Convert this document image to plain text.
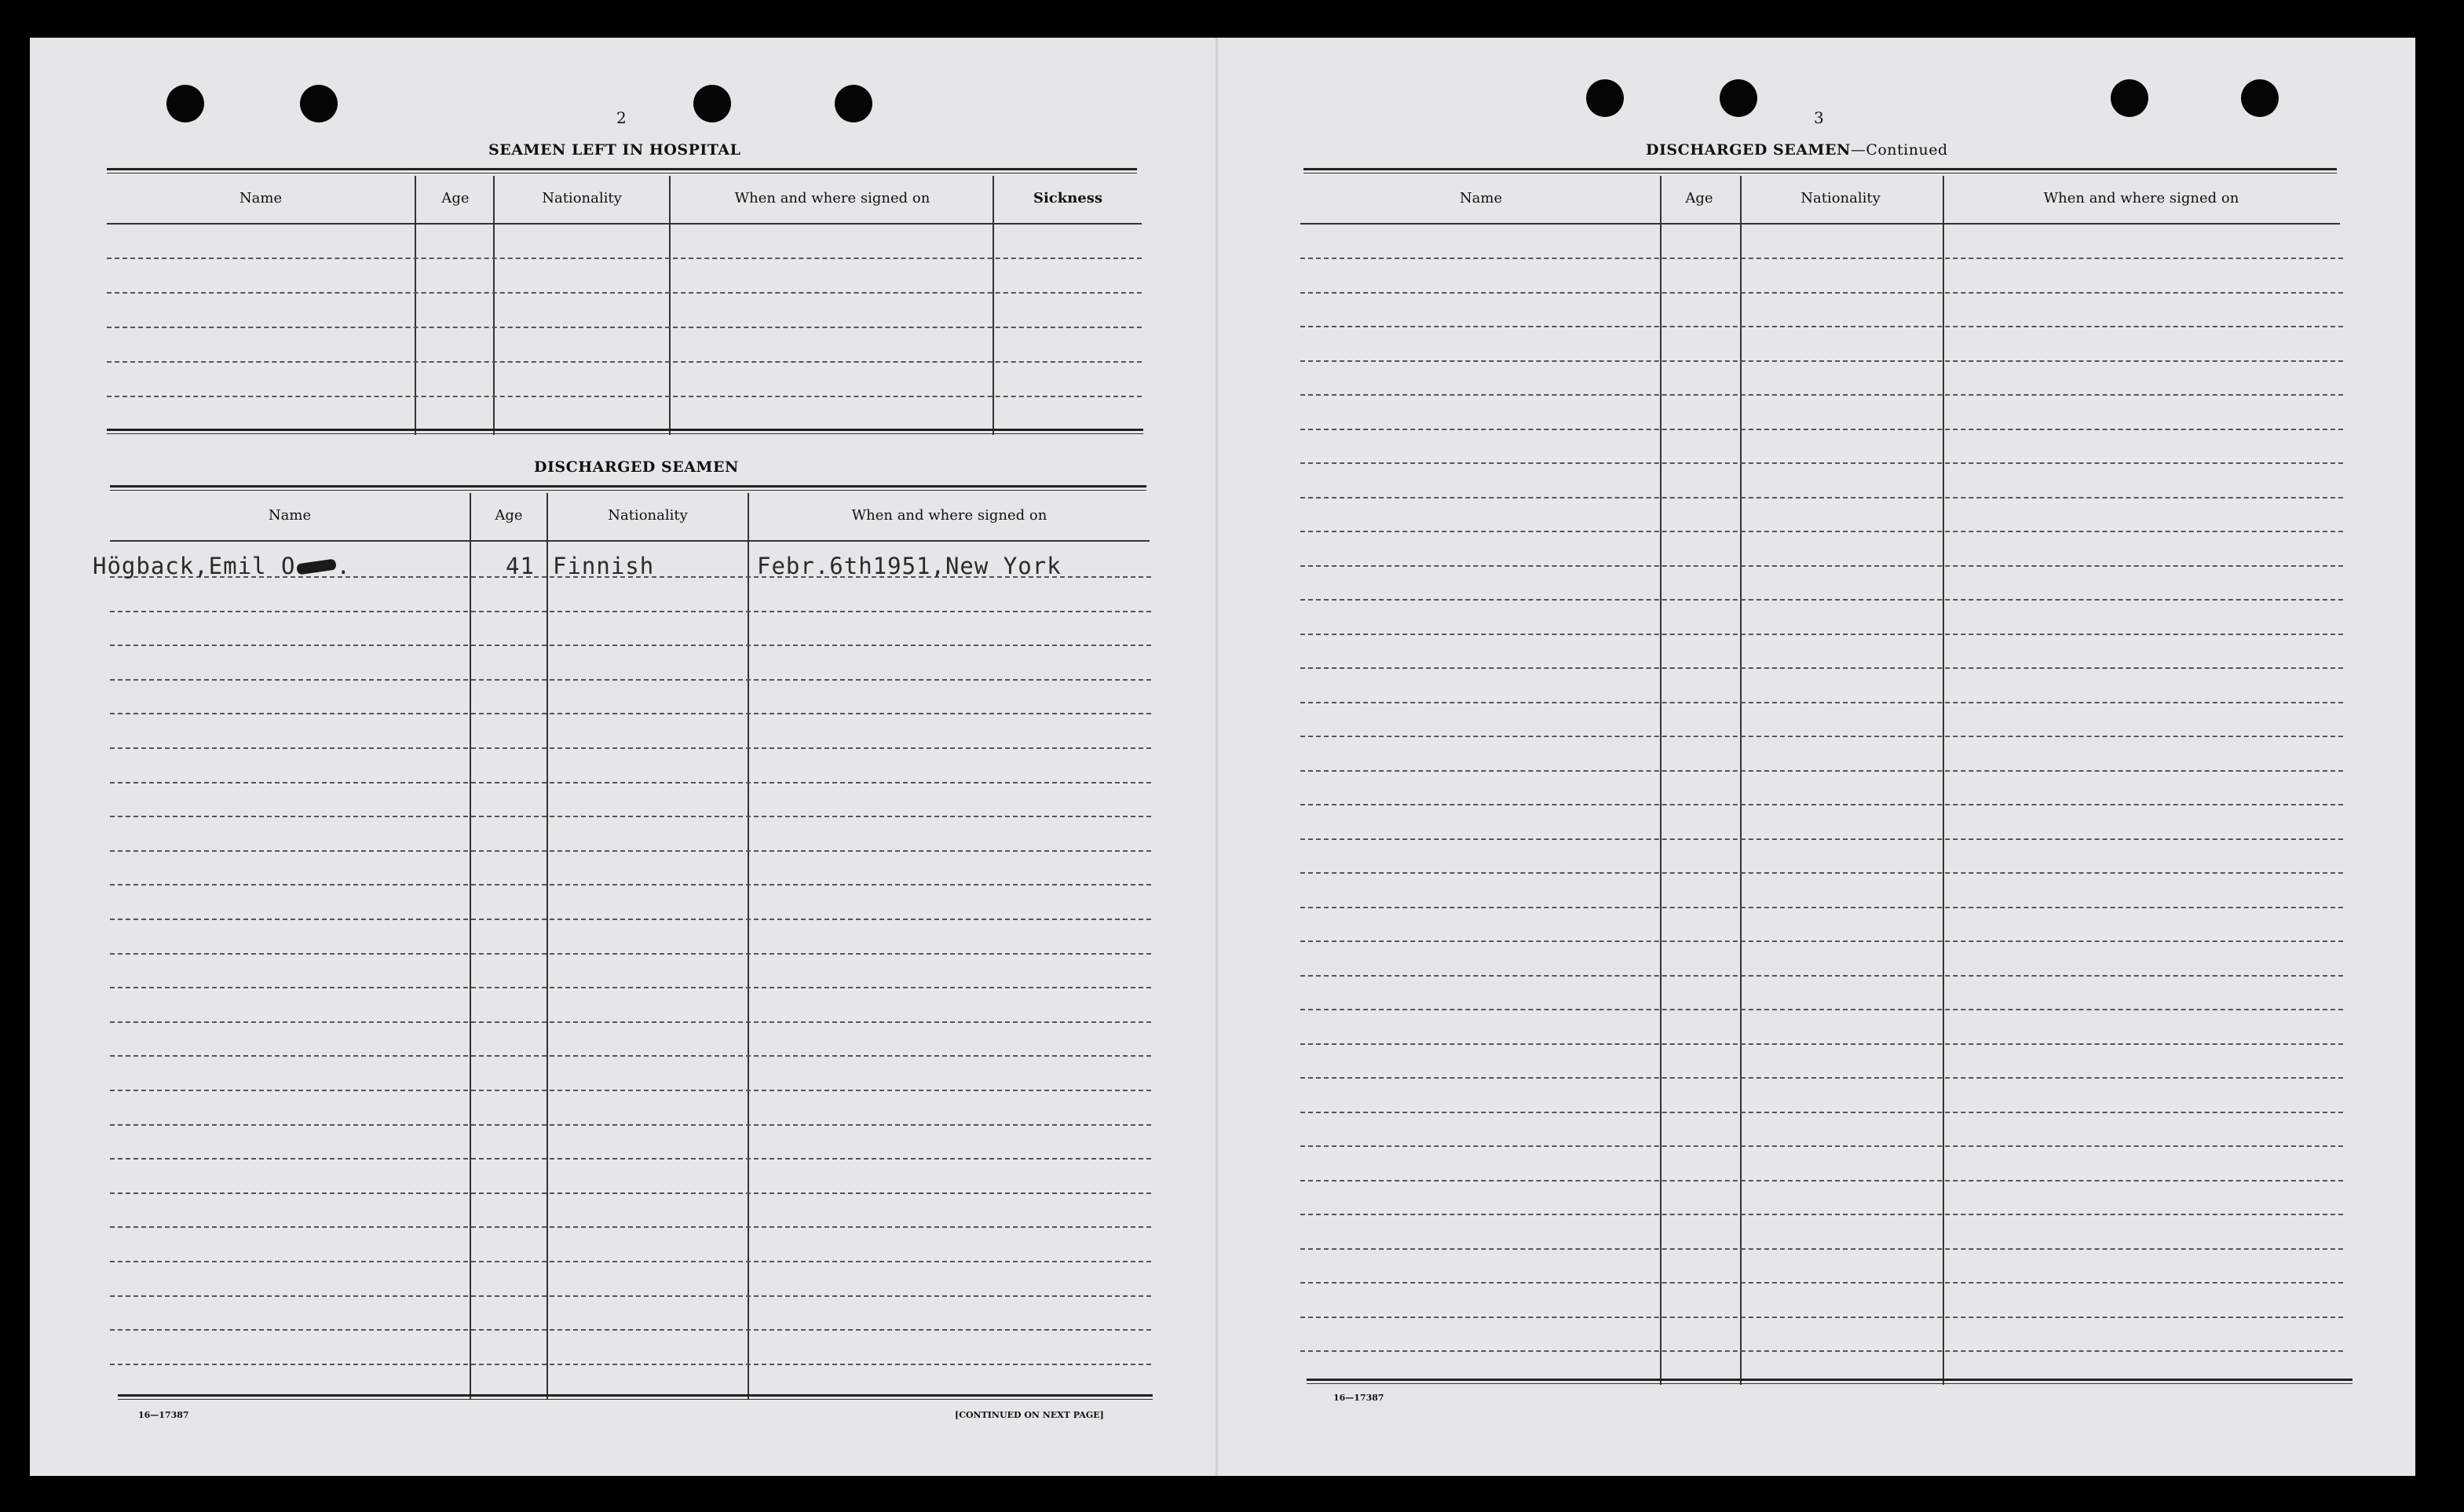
2
SEAMEN LEFT IN HOSPITAL
Name	Age	Nationality	When and where signed on	Sickness
DISCHARGED SEAMEN
Name	Age	Nationality	When and where signed on
Högback,Emil O .	41 Finnish	Febr.6th1951,New York
16—17387	[CONTINUED ON NEXT PAGE]
3
DISCHARGED SEAMEN—Continued
Name	Age	Nationality	When and where signed on
16—17387
